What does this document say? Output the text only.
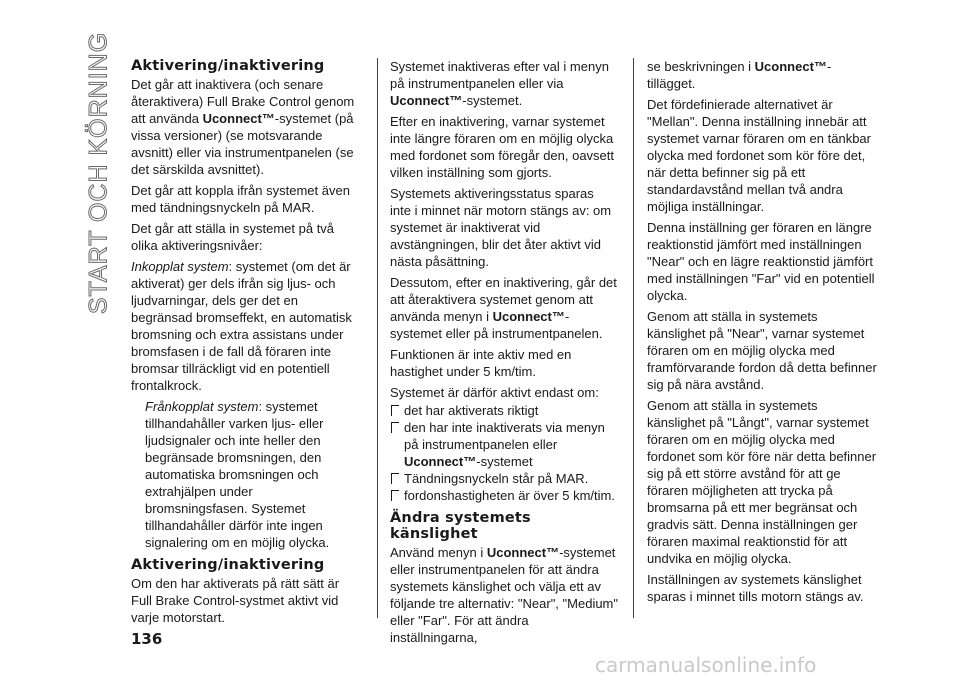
START OCH KÖRNING Aktivering/inaktivering

Det går att inaktivera (och senare återaktivera) Full Brake Control genom att använda Uconnect™-systemet (på vissa versioner) (se motsvarande avsnitt) eller via instrumentpanelen (se det särskilda avsnittet).

Det går att koppla ifrån systemet även med tändningsnyckeln på MAR.

Det går att ställa in systemet på två olika aktiveringsnivåer:

Inkopplat system: systemet (om det är aktiverat) ger dels ifrån sig ljus- och ljudvarningar, dels ger det en begränsad bromseffekt, en automatisk bromsning och extra assistans under bromsfasen i de fall då föraren inte bromsar tillräckligt vid en potentiell frontalkrock.

Frånkopplat system: systemet tillhandahåller varken ljus- eller ljudsignaler och inte heller den begränsade bromsningen, den automatiska bromsningen och extrahjälpen under bromsningsfasen. Systemet tillhandahåller därför inte ingen signalering om en möjlig olycka.

Aktivering/inaktivering

Om den har aktiverats på rätt sätt är Full Brake Control-systmet aktivt vid varje motorstart.

Systemet inaktiveras efter val i menyn på instrumentpanelen eller via Uconnect™-systemet.

Efter en inaktivering, varnar systemet inte längre föraren om en möjlig olycka med fordonet som föregår den, oavsett vilken inställning som gjorts.

Systemets aktiveringsstatus sparas inte i minnet när motorn stängs av: om systemet är inaktiverat vid avstängningen, blir det åter aktivt vid nästa påsättning.

Dessutom, efter en inaktivering, går det att återaktivera systemet genom att använda menyn i Uconnect™-systemet eller på instrumentpanelen.

Funktionen är inte aktiv med en hastighet under 5 km/tim.

Systemet är därför aktivt endast om:

det har aktiverats riktigt
den har inte inaktiverats via menyn på instrumentpanelen eller Uconnect™-systemet
Tändningsnyckeln står på MAR.
fordonshastigheten är över 5 km/tim.
Ändra systemets känslighet

Använd menyn i Uconnect™-systemet eller instrumentpanelen för att ändra systemets känslighet och välja ett av följande tre alternativ: "Near", "Medium" eller "Far". För att ändra inställningarna,

se beskrivningen i Uconnect™-tillägget.

Det fördefinierade alternativet är "Mellan". Denna inställning innebär att systemet varnar föraren om en tänkbar olycka med fordonet som kör före det, när detta befinner sig på ett standardavstånd mellan två andra möjliga inställningar.

Denna inställning ger föraren en längre reaktionstid jämfört med inställningen "Near" och en lägre reaktionstid jämfört med inställningen "Far" vid en potentiell olycka.

Genom att ställa in systemets känslighet på "Near", varnar systemet föraren om en möjlig olycka med framförvarande fordon då detta befinner sig på nära avstånd.

Genom att ställa in systemets känslighet på "Långt", varnar systemet föraren om en möjlig olycka med fordonet som kör före när detta befinner sig på ett större avstånd för att ge föraren möjligheten att trycka på bromsarna på ett mer begränsat och gradvis sätt. Denna inställningen ger föraren maximal reaktionstid för att undvika en möjlig olycka.

Inställningen av systemets känslighet sparas i minnet tills motorn stängs av.

136
carmanualsonline.info
